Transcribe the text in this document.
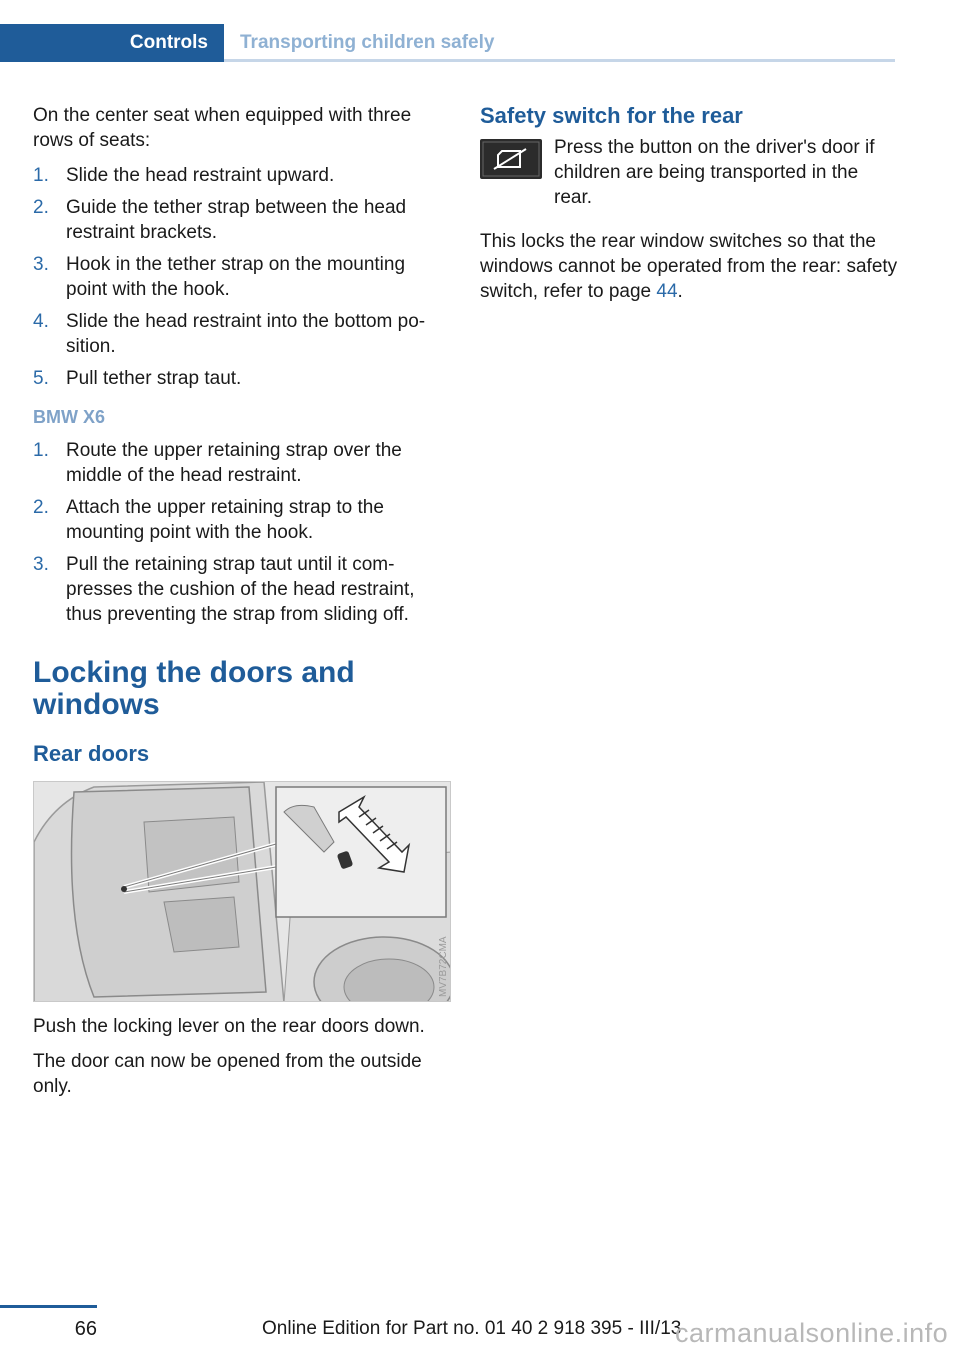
Controls	Transporting children safely

On the center seat when equipped with three rows of seats:

1. Slide the head restraint upward.
2. Guide the tether strap between the head restraint brackets.
3. Hook in the tether strap on the mounting point with the hook.
4. Slide the head restraint into the bottom po‐ sition.
5. Pull tether strap taut.
BMW X6
1. Route the upper retaining strap over the middle of the head restraint.
2. Attach the upper retaining strap to the mounting point with the hook.
3. Pull the retaining strap taut until it com‐ presses the cushion of the head restraint, thus preventing the strap from sliding off.
Locking the doors and windows
Rear doors
MV7B72CMA

Push the locking lever on the rear doors down.

The door can now be opened from the outside only.

Safety switch for the rear

Press the button on the driver's door if children are being transported in the rear.

This locks the rear window switches so that the windows cannot be operated from the rear: safety switch, refer to page 44.

66	Online Edition for Part no. 01 40 2 918 395 - III/13
carmanualsonline.info
